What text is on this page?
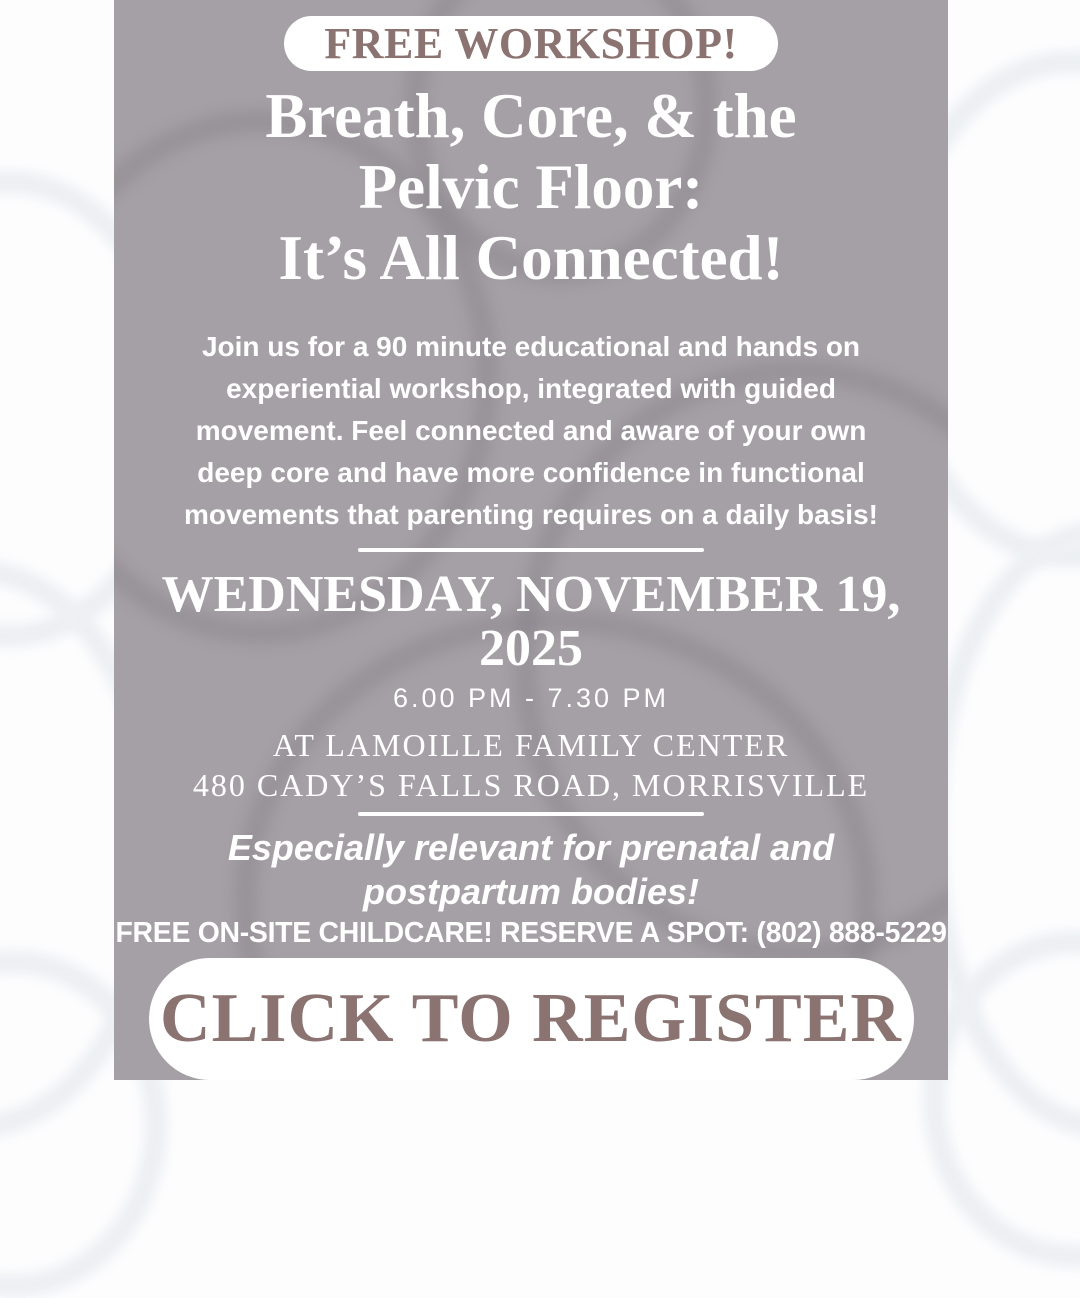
FREE WORKSHOP!
Breath, Core, & the
Pelvic Floor:
It’s All Connected!

Join us for a 90 minute educational and hands on
experiential workshop, integrated with guided
movement. Feel connected and aware of your own
deep core and have more confidence in functional
movements that parenting requires on a daily basis!

WEDNESDAY, NOVEMBER 19, 2025
6.00 PM - 7.30 PM
AT LAMOILLE FAMILY CENTER
480 CADY’S FALLS ROAD, MORRISVILLE
Especially relevant for prenatal and
postpartum bodies!
FREE ON-SITE CHILDCARE! RESERVE A SPOT: (802) 888-5229
CLICK TO REGISTER
